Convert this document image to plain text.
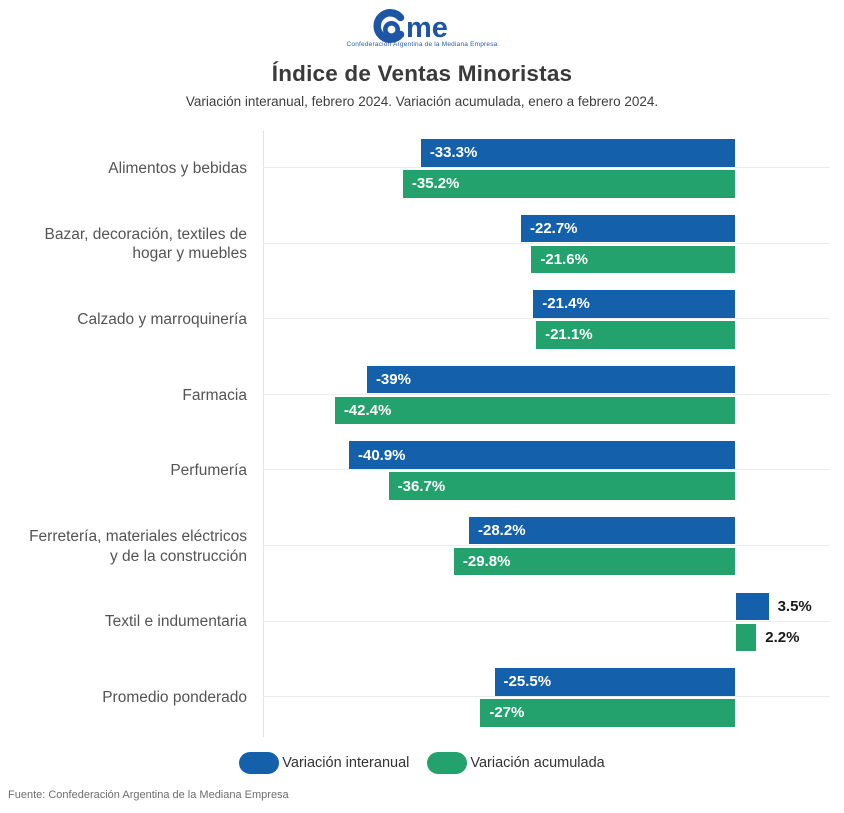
me
Confederación Argentina de la Mediana Empresa
Índice de Ventas Minoristas
Variación interanual, febrero 2024. Variación acumulada, enero a febrero 2024.
Alimentos y bebidas
-33.3%
-35.2%
Bazar, decoración, textiles de hogar y muebles
-22.7%
-21.6%
Calzado y marroquinería
-21.4%
-21.1%
Farmacia
-39%
-42.4%
Perfumería
-40.9%
-36.7%
Ferretería, materiales eléctricos y de la construcción
-28.2%
-29.8%
Textil e indumentaria
3.5%
2.2%
Promedio ponderado
-25.5%
-27%
Variación interanual	Variación acumulada
Fuente: Confederación Argentina de la Mediana Empresa
